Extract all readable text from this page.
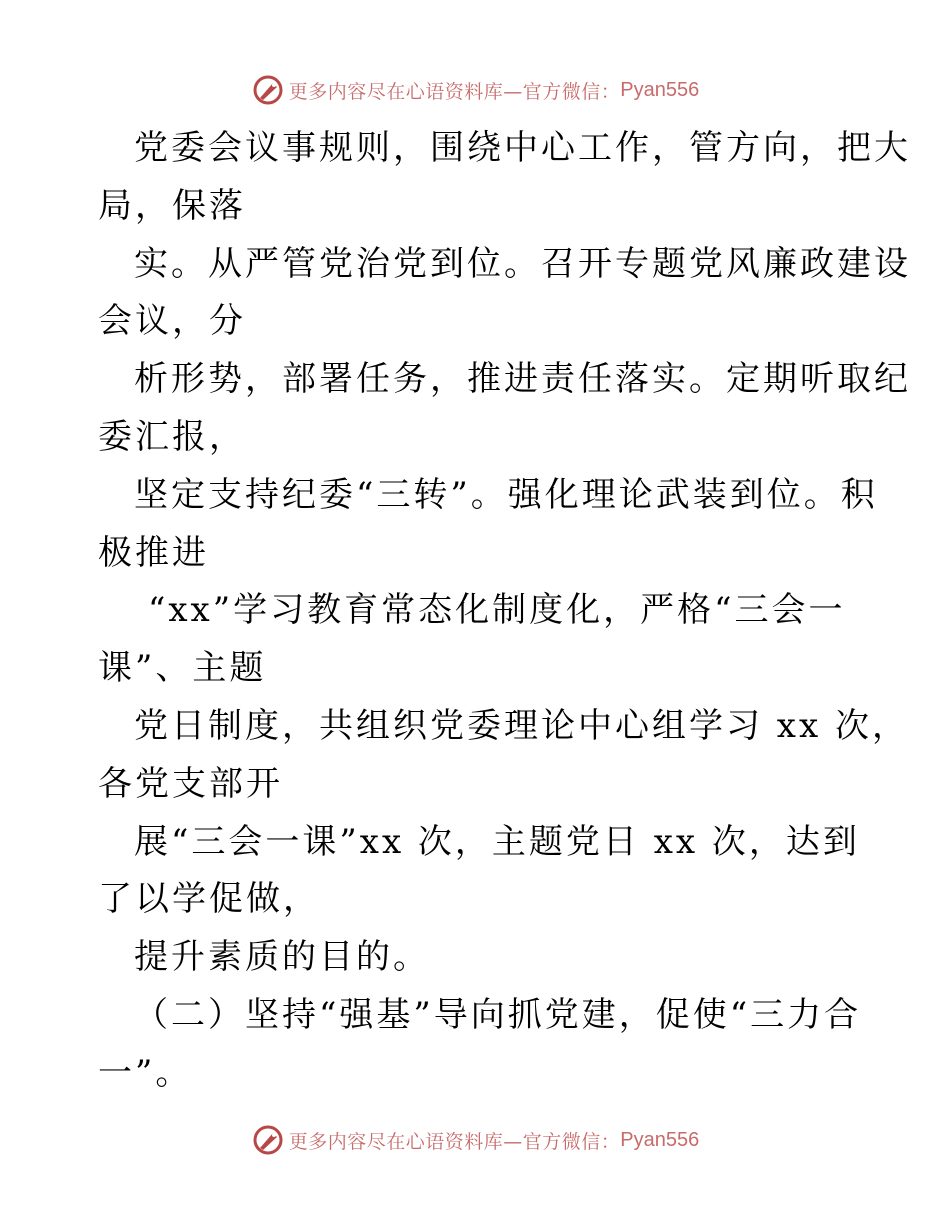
更多内容尽在心语资料库—官方微信： Pyan556
党委会议事规则，围绕中心工作，管方向，把大
局，保落
实。从严管党治党到位。召开专题党风廉政建设
会议，分
析形势，部署任务，推进责任落实。定期听取纪
委汇报，
坚定支持纪委“三转”。强化理论武装到位。积
极推进
“xx”学习教育常态化制度化，严格“三会一
课”、主题
党日制度，共组织党委理论中心组学习 xx 次，
各党支部开
展“三会一课”xx 次，主题党日 xx 次，达到
了以学促做，
提升素质的目的。
（二）坚持“强基”导向抓党建，促使“三力合
一”。
更多内容尽在心语资料库—官方微信： Pyan556
